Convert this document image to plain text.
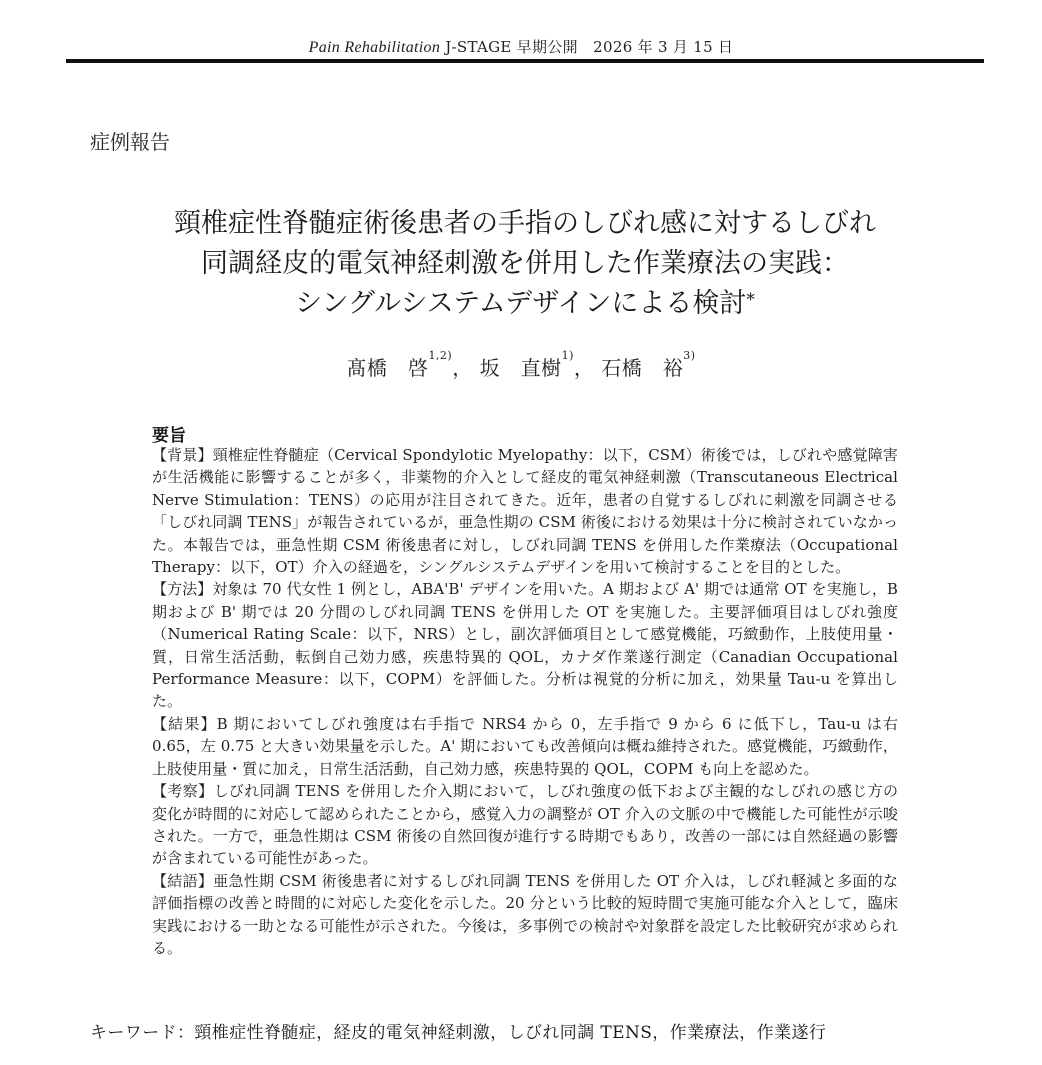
Pain Rehabilitation J-STAGE 早期公開　2026 年 3 月 15 日
症例報告
頸椎症性脊髄症術後患者の手指のしびれ感に対するしびれ
同調経皮的電気神経刺激を併用した作業療法の実践：
シングルシステムデザインによる検討*
髙橋　啓$^{1,2)}$， 坂　直樹$^{1)}$， 石橋　裕$^{3)}$
要旨

【背景】頸椎症性脊髄症（Cervical Spondylotic Myelopathy：以下，CSM）術後では，しびれや感覚障害が生活機能に影響することが多く，非薬物的介入として経皮的電気神経刺激（Transcutaneous Electrical Nerve Stimulation：TENS）の応用が注目されてきた。近年，患者の自覚するしびれに刺激を同調させる「しびれ同調 TENS」が報告されているが，亜急性期の CSM 術後における効果は十分に検討されていなかった。本報告では，亜急性期 CSM 術後患者に対し，しびれ同調 TENS を併用した作業療法（Occupational Therapy：以下，OT）介入の経過を，シングルシステムデザインを用いて検討することを目的とした。

【方法】対象は 70 代女性 1 例とし，ABA'B' デザインを用いた。A 期および A' 期では通常 OT を実施し，B 期および B' 期では 20 分間のしびれ同調 TENS を併用した OT を実施した。主要評価項目はしびれ強度（Numerical Rating Scale：以下，NRS）とし，副次評価項目として感覚機能，巧緻動作，上肢使用量・質，日常生活活動，転倒自己効力感，疾患特異的 QOL，カナダ作業遂行測定（Canadian Occupational Performance Measure：以下，COPM）を評価した。分析は視覚的分析に加え，効果量 Tau-u を算出した。

【結果】B 期においてしびれ強度は右手指で NRS4 から 0，左手指で 9 から 6 に低下し，Tau-u は右 0.65，左 0.75 と大きい効果量を示した。A' 期においても改善傾向は概ね維持された。感覚機能，巧緻動作，上肢使用量・質に加え，日常生活活動，自己効力感，疾患特異的 QOL，COPM も向上を認めた。

【考察】しびれ同調 TENS を併用した介入期において，しびれ強度の低下および主観的なしびれの感じ方の変化が時間的に対応して認められたことから，感覚入力の調整が OT 介入の文脈の中で機能した可能性が示唆された。一方で，亜急性期は CSM 術後の自然回復が進行する時期でもあり，改善の一部には自然経過の影響が含まれている可能性があった。

【結語】亜急性期 CSM 術後患者に対するしびれ同調 TENS を併用した OT 介入は，しびれ軽減と多面的な評価指標の改善と時間的に対応した変化を示した。20 分という比較的短時間で実施可能な介入として，臨床実践における一助となる可能性が示された。今後は，多事例での検討や対象群を設定した比較研究が求められる。

キーワード：頸椎症性脊髄症，経皮的電気神経刺激，しびれ同調 TENS，作業療法，作業遂行
